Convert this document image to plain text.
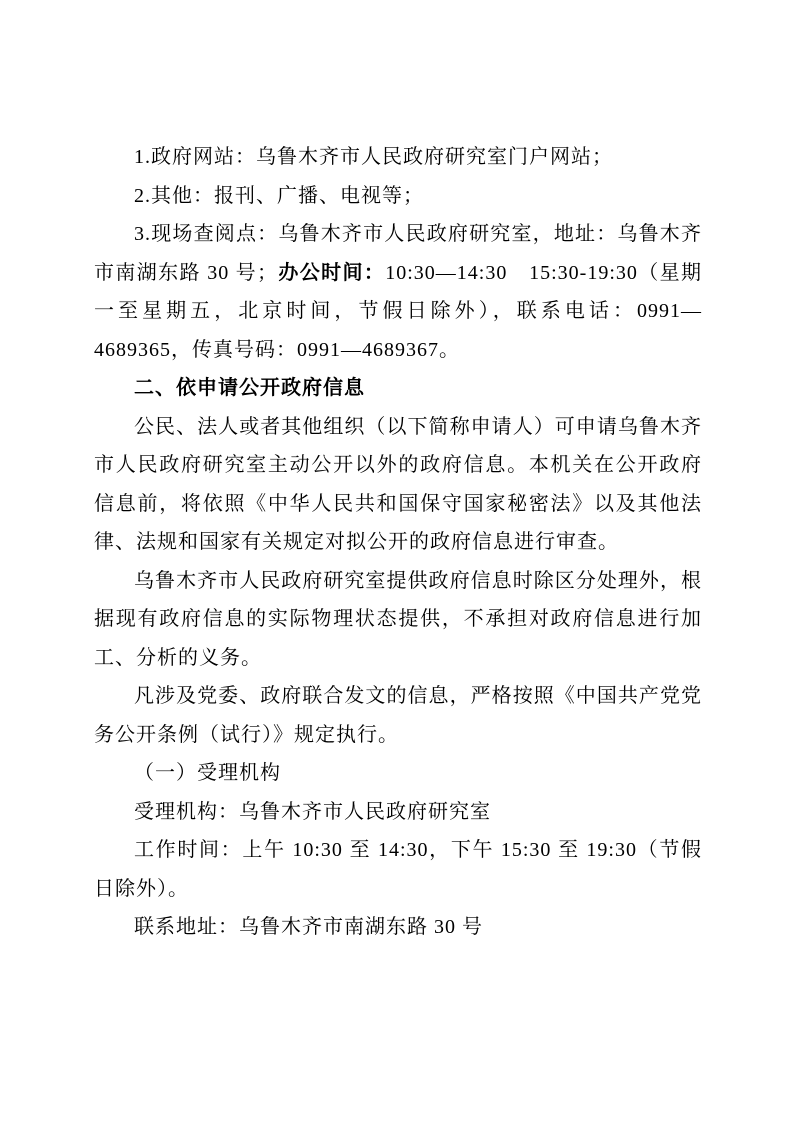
1.政府网站：乌鲁木齐市人民政府研究室门户网站；

2.其他：报刊、广播、电视等；

3.现场查阅点：乌鲁木齐市人民政府研究室，地址：乌鲁木齐市南湖东路 30 号；办公时间：10:30—14:30　15:30-19:30（星期一至星期五，北京时间，节假日除外），联系电话：0991—4689365，传真号码：0991—4689367。

二、依申请公开政府信息

公民、法人或者其他组织（以下简称申请人）可申请乌鲁木齐市人民政府研究室主动公开以外的政府信息。本机关在公开政府信息前，将依照《中华人民共和国保守国家秘密法》以及其他法律、法规和国家有关规定对拟公开的政府信息进行审查。

乌鲁木齐市人民政府研究室提供政府信息时除区分处理外，根据现有政府信息的实际物理状态提供，不承担对政府信息进行加工、分析的义务。

凡涉及党委、政府联合发文的信息，严格按照《中国共产党党务公开条例（试行）》规定执行。

（一）受理机构

受理机构：乌鲁木齐市人民政府研究室

工作时间：上午 10:30 至 14:30，下午 15:30 至 19:30（节假日除外）。

联系地址：乌鲁木齐市南湖东路 30 号
